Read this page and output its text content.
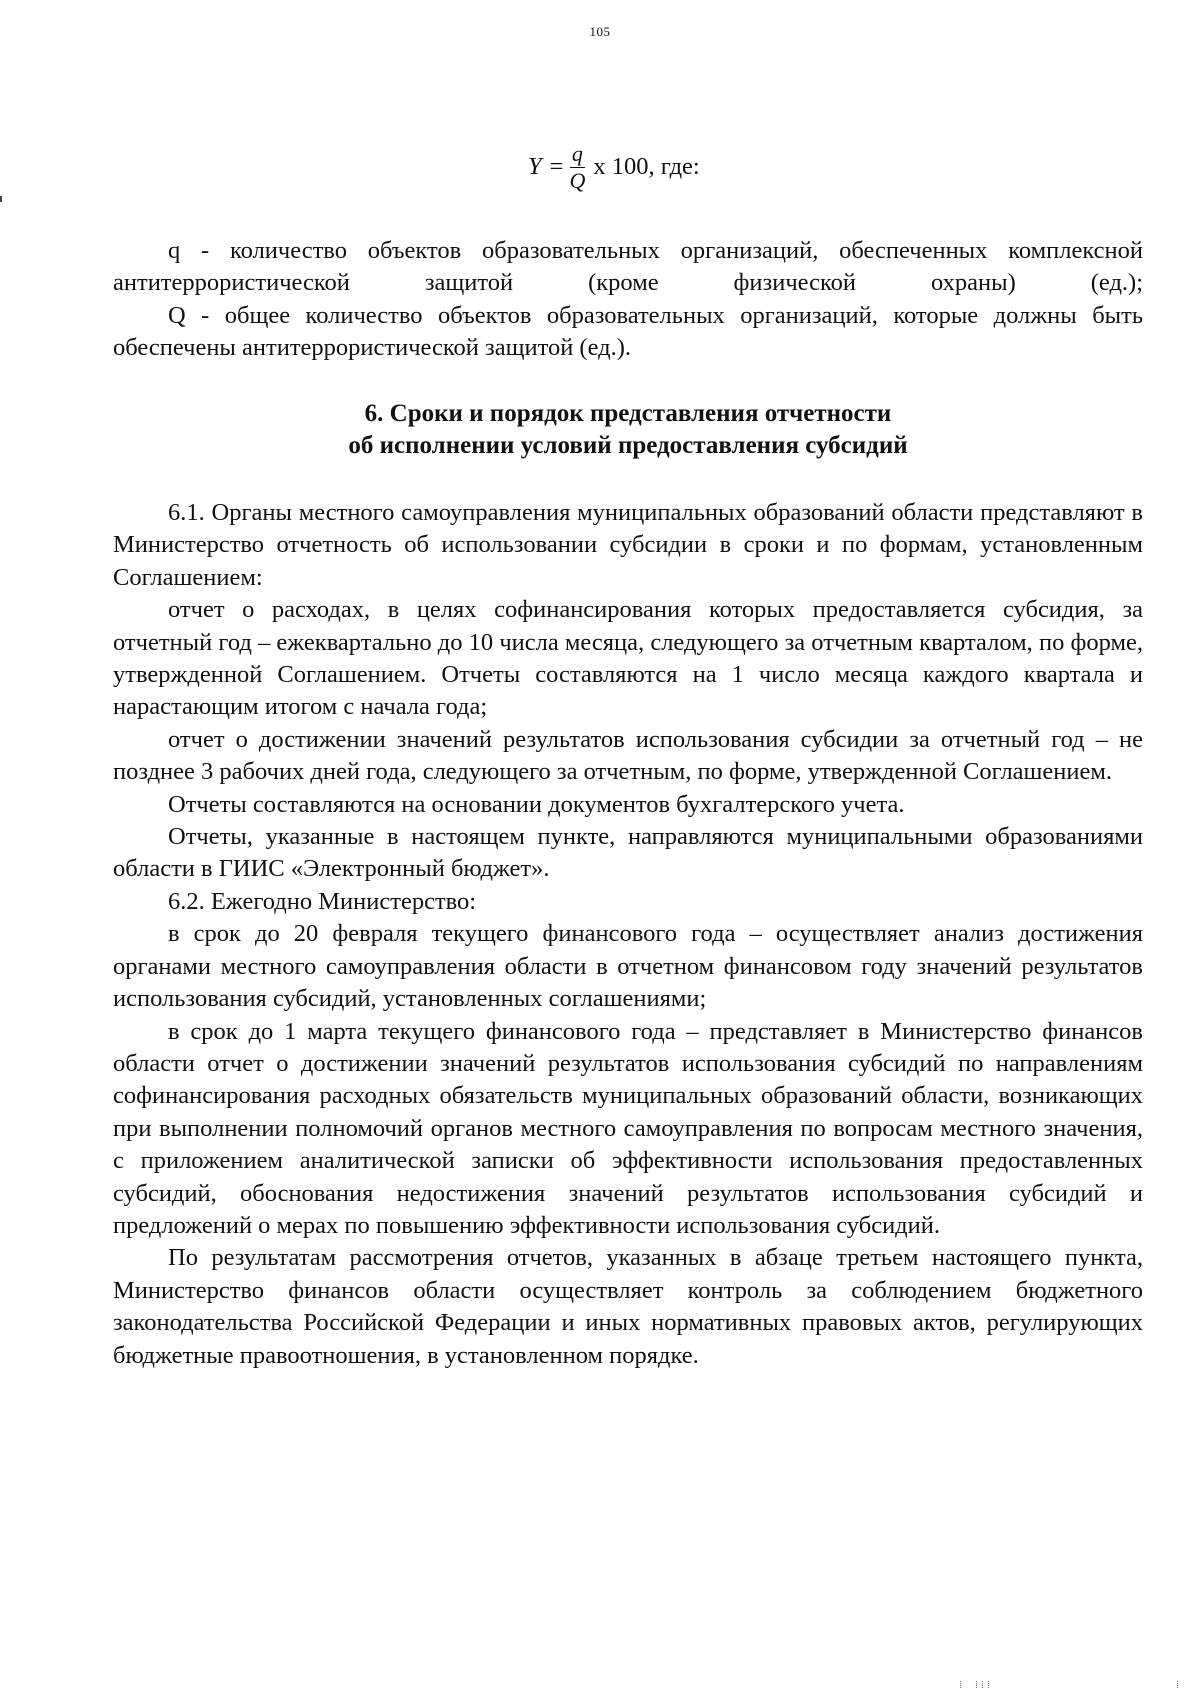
105
$Y = \frac{q}{Q}$ х 100, где:

q - количество объектов образовательных организаций, обеспеченных комплексной антитеррористической защитой (кроме физической охраны) (ед.);

Q - общее количество объектов образовательных организаций, которые должны быть обеспечены антитеррористической защитой (ед.).

6. Сроки и порядок представления отчетности
об исполнении условий предоставления субсидий

6.1. Органы местного самоуправления муниципальных образований области представляют в Министерство отчетность об использовании субсидии в сроки и по формам, установленным Соглашением:

отчет о расходах, в целях софинансирования которых предоставляется субсидия, за отчетный год – ежеквартально до 10 числа месяца, следующего за отчетным кварталом, по форме, утвержденной Соглашением. Отчеты составляются на 1 число месяца каждого квартала и нарастающим итогом с начала года;

отчет о достижении значений результатов использования субсидии за отчетный год – не позднее 3 рабочих дней года, следующего за отчетным, по форме, утвержденной Соглашением.

Отчеты составляются на основании документов бухгалтерского учета.

Отчеты, указанные в настоящем пункте, направляются муниципальными образованиями области в ГИИС «Электронный бюджет».

6.2. Ежегодно Министерство:

в срок до 20 февраля текущего финансового года – осуществляет анализ достижения органами местного самоуправления области в отчетном финансовом году значений результатов использования субсидий, установленных соглашениями;

в срок до 1 марта текущего финансового года – представляет в Министерство финансов области отчет о достижении значений результатов использования субсидий по направлениям софинансирования расходных обязательств муниципальных образований области, возникающих при выполнении полномочий органов местного самоуправления по вопросам местного значения, с приложением аналитической записки об эффективности использования предоставленных субсидий, обоснования недостижения значений результатов использования субсидий и предложений о мерах по повышению эффективности использования субсидий.

По результатам рассмотрения отчетов, указанных в абзаце третьем настоящего пункта, Министерство финансов области осуществляет контроль за соблюдением бюджетного законодательства Российской Федерации и иных нормативных правовых актов, регулирующих бюджетные правоотношения, в установленном порядке.

⁞ ⁞⁞⁞                   ⁞
